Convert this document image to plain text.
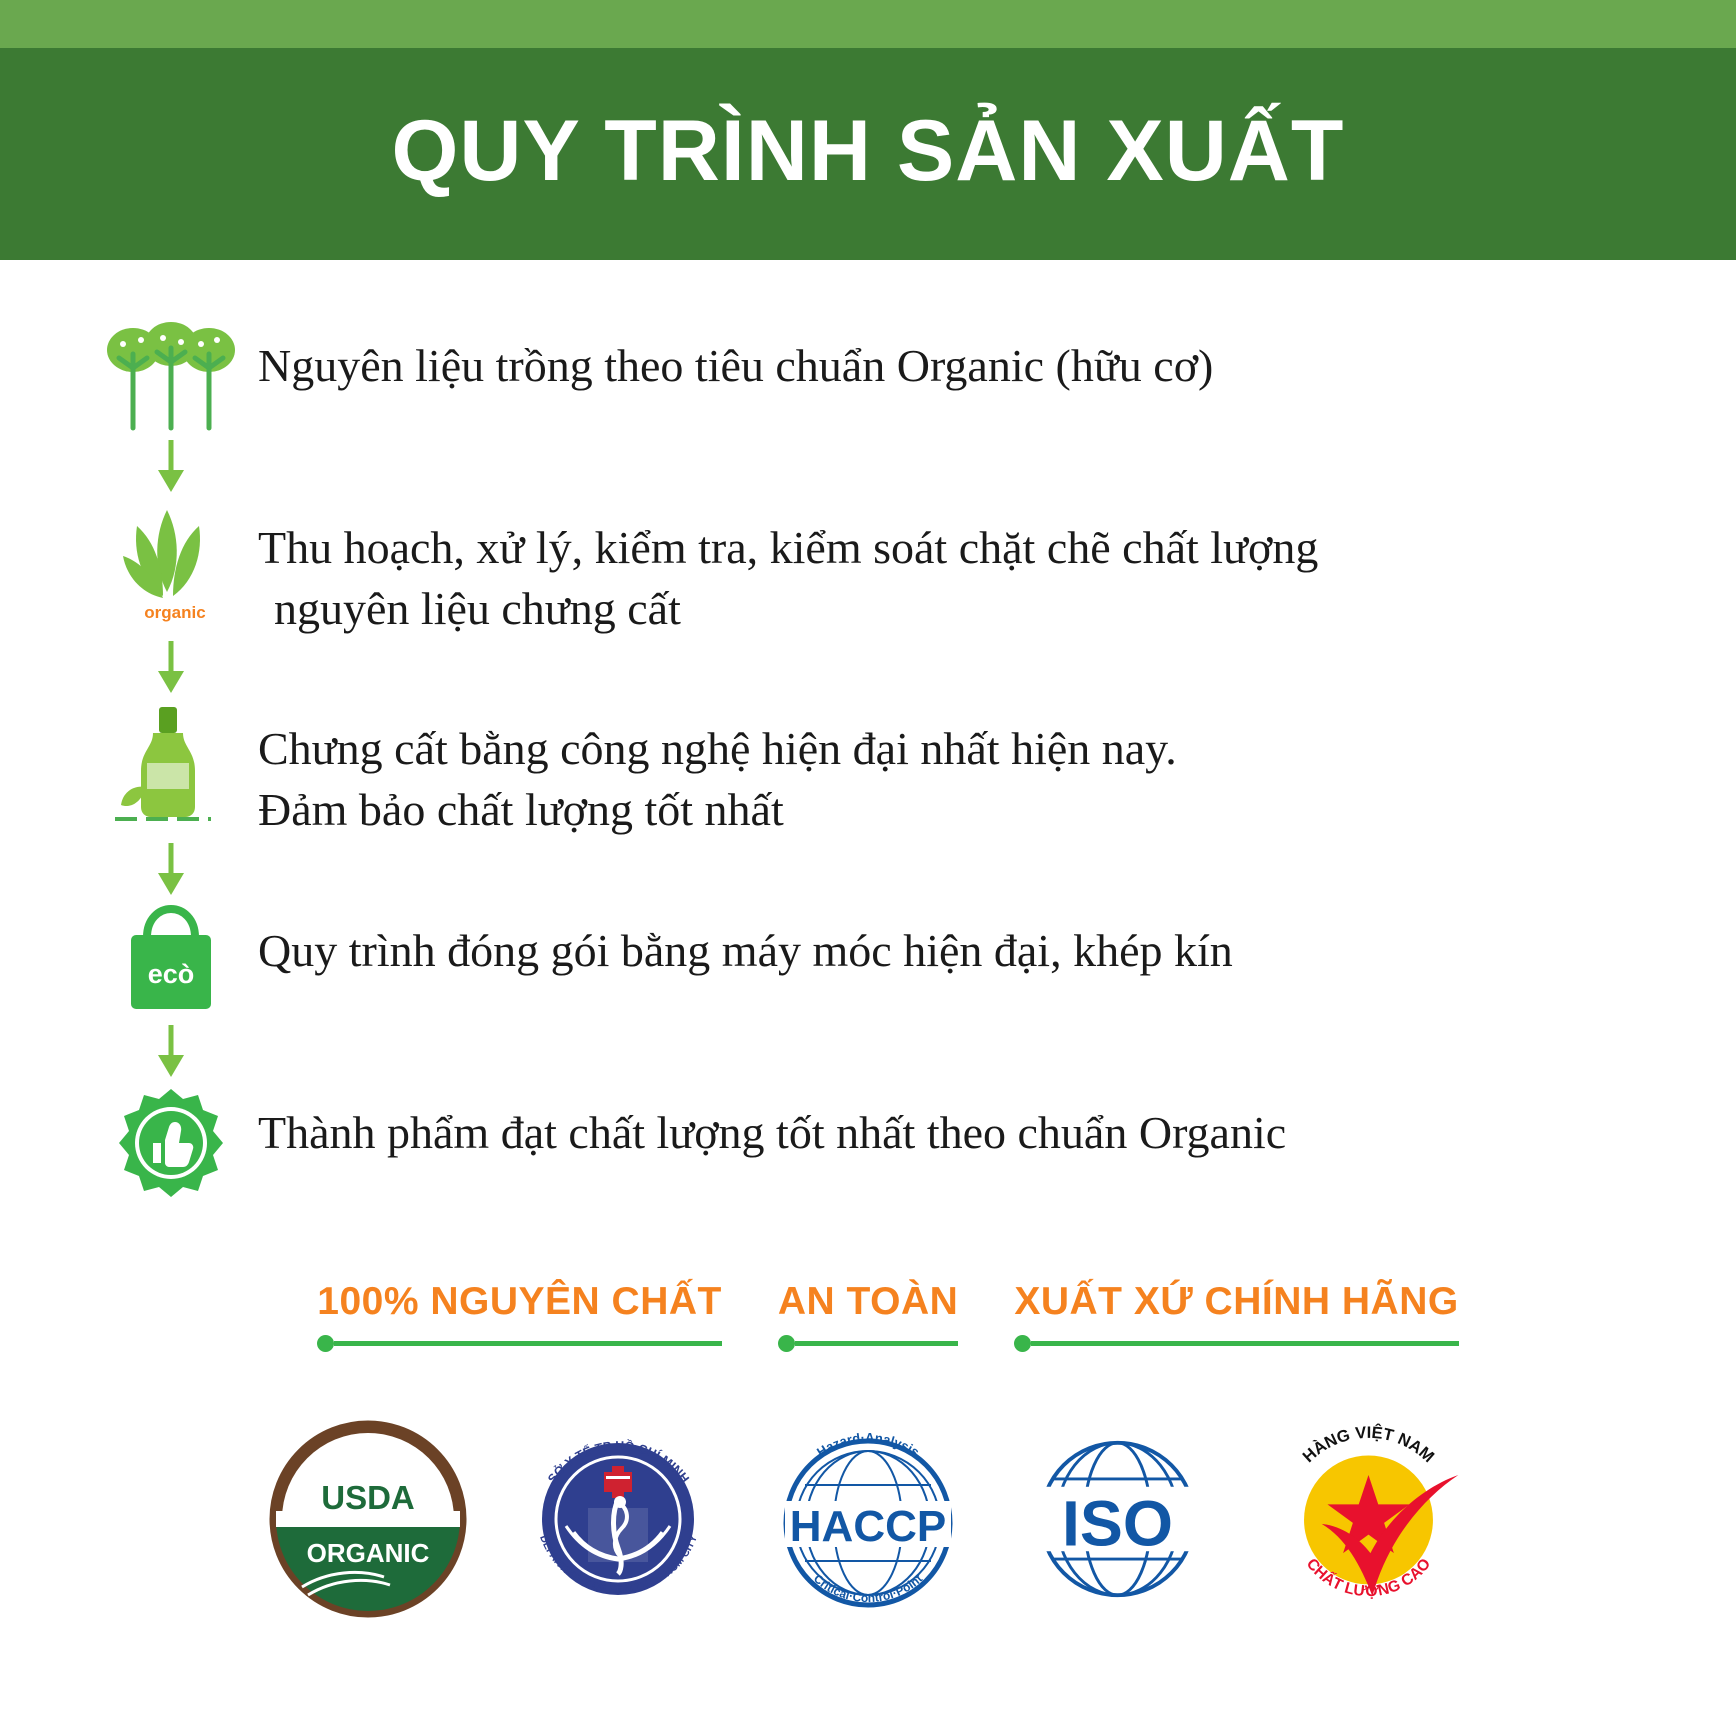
QUY TRÌNH SẢN XUẤT
Nguyên liệu trồng theo tiêu chuẩn Organic (hữu cơ)
organic
Thu hoạch, xử lý, kiểm tra, kiểm soát chặt chẽ chất lượng
nguyên liệu chưng cất
Chưng cất bằng công nghệ hiện đại nhất hiện nay.
Đảm bảo chất lượng tốt nhất
ecò Quy trình đóng gói bằng máy móc hiện đại, khép kín
Thành phẩm đạt chất lượng tốt nhất theo chuẩn Organic
100% NGUYÊN CHẤT AN TOÀN XUẤT XỨ CHÍNH HÃNG
USDA
ORGANIC
SỞ Y TẾ TP HỒ CHÍ MINH
DEPARTMENT OF HEALTH OF HCM CITY HACCP
Hazard·Analysis
Critical·Control·Point
ISO
HÀNG VIỆT NAM
CHẤT LƯỢNG CAO
